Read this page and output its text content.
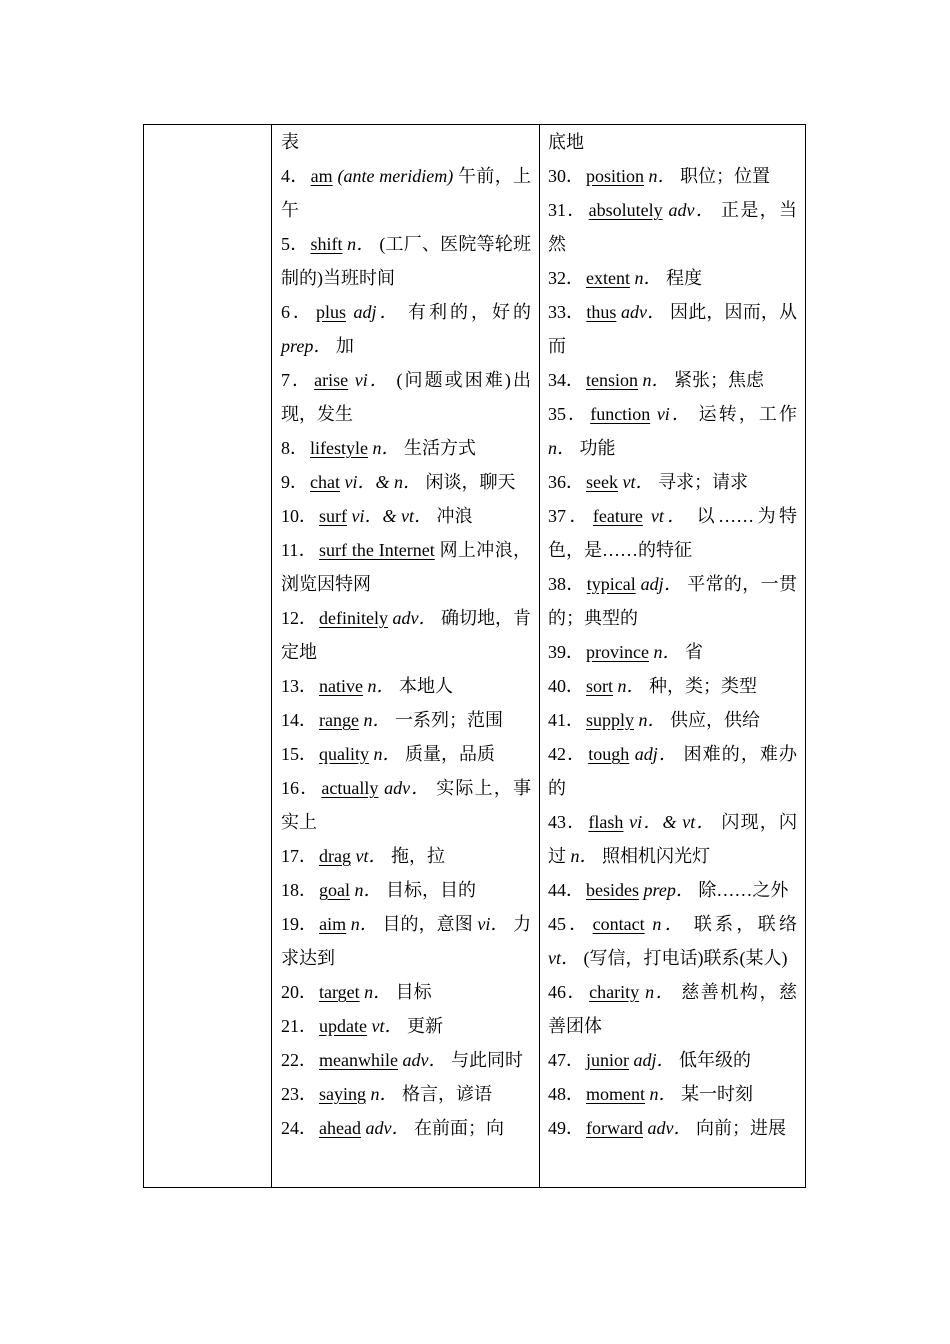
表
4． am (ante meridiem) 午前，上午
5． shift n． (工厂、医院等轮班制的)当班时间
6． plus adj． 有利的，好的 prep． 加
7． arise vi． (问题或困难)出现，发生
8． lifestyle n． 生活方式
9． chat vi．& n． 闲谈，聊天
10． surf vi．& vt． 冲浪
11． surf the Internet 网上冲浪，浏览因特网
12． definitely adv． 确切地，肯定地
13． native n． 本地人
14． range n． 一系列；范围
15． quality n． 质量，品质
16． actually adv． 实际上，事实上
17． drag vt． 拖，拉
18． goal n． 目标，目的
19． aim n． 目的，意图 vi． 力求达到
20． target n． 目标
21． update vt． 更新
22． meanwhile adv． 与此同时
23． saying n． 格言，谚语
24． ahead adv． 在前面；向
底地
30． position n． 职位；位置
31． absolutely adv． 正是，当然
32． extent n． 程度
33． thus adv． 因此，因而，从而
34． tension n． 紧张；焦虑
35． function vi． 运转，工作 n． 功能
36． seek vt． 寻求；请求
37． feature vt． 以……为特色，是……的特征
38． typical adj． 平常的，一贯的；典型的
39． province n． 省
40． sort n． 种，类；类型
41． supply n． 供应，供给
42． tough adj． 困难的，难办的
43． flash vi．& vt． 闪现，闪过 n． 照相机闪光灯
44． besides prep． 除……之外
45． contact n． 联系，联络 vt． (写信，打电话)联系(某人)
46． charity n． 慈善机构，慈善团体
47． junior adj． 低年级的
48． moment n． 某一时刻
49． forward adv． 向前；进展
